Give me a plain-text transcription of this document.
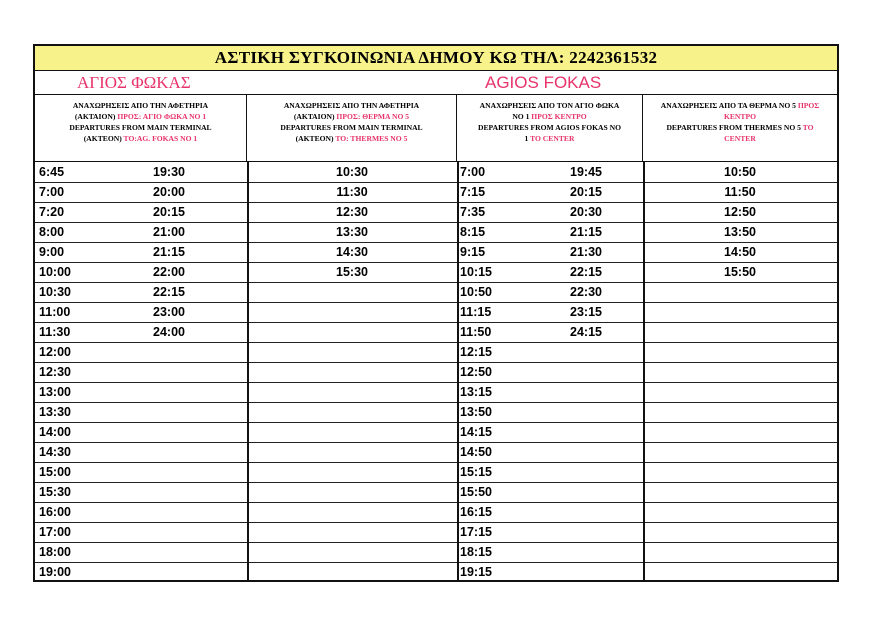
ΑΣΤΙΚΗ ΣΥΓΚΟΙΝΩΝΙΑ ΔΗΜΟΥ ΚΩ ΤΗΛ: 2242361532
ΑΓΙΟΣ ΦΩΚΑΣ	AGIOS FOKAS
ΑΝΑΧΩΡΗΣΕΙΣ ΑΠΟ ΤΗΝ ΑΦΕΤΗΡΙΑ
(ΑΚΤΑΙΟΝ) ΠΡΟΣ: ΑΓΙΟ ΦΩΚΑ ΝΟ 1
DEPARTURES FROM MAIN TERMINAL
(AKTEON) TO:AG. FOKAS NO 1
ΑΝΑΧΩΡΗΣΕΙΣ ΑΠΟ ΤΗΝ ΑΦΕΤΗΡΙΑ
(ΑΚΤΑΙΟΝ) ΠΡΟΣ: ΘΕΡΜΑ ΝΟ 5
DEPARTURES FROM MAIN TERMINAL
(AKTEON) TO: THERMES NO 5
ΑΝΑΧΩΡΗΣΕΙΣ ΑΠΟ ΤΟΝ ΑΓΙΟ ΦΩΚΑ
ΝΟ 1 ΠΡΟΣ ΚΕΝΤΡΟ
DEPARTURES FROM AGIOS FOKAS NO
1 TO CENTER
ΑΝΑΧΩΡΗΣΕΙΣ ΑΠΟ ΤΑ ΘΕΡΜΑ ΝΟ 5 ΠΡΟΣ
ΚΕΝΤΡΟ
DEPARTURES FROM THERMES NO 5 TO
CENTER
6:45
7:00
7:20
8:00
9:00
10:00
10:30
11:00
11:30
12:00
12:30
13:00
13:30
14:00
14:30
15:00
15:30
16:00
17:00
18:00
19:00
19:30
20:00
20:15
21:00
21:15
22:00
22:15
23:00
24:00
10:30
11:30
12:30
13:30
14:30
15:30
7:00
7:15
7:35
8:15
9:15
10:15
10:50
11:15
11:50
12:15
12:50
13:15
13:50
14:15
14:50
15:15
15:50
16:15
17:15
18:15
19:15
19:45
20:15
20:30
21:15
21:30
22:15
22:30
23:15
24:15
10:50
11:50
12:50
13:50
14:50
15:50
